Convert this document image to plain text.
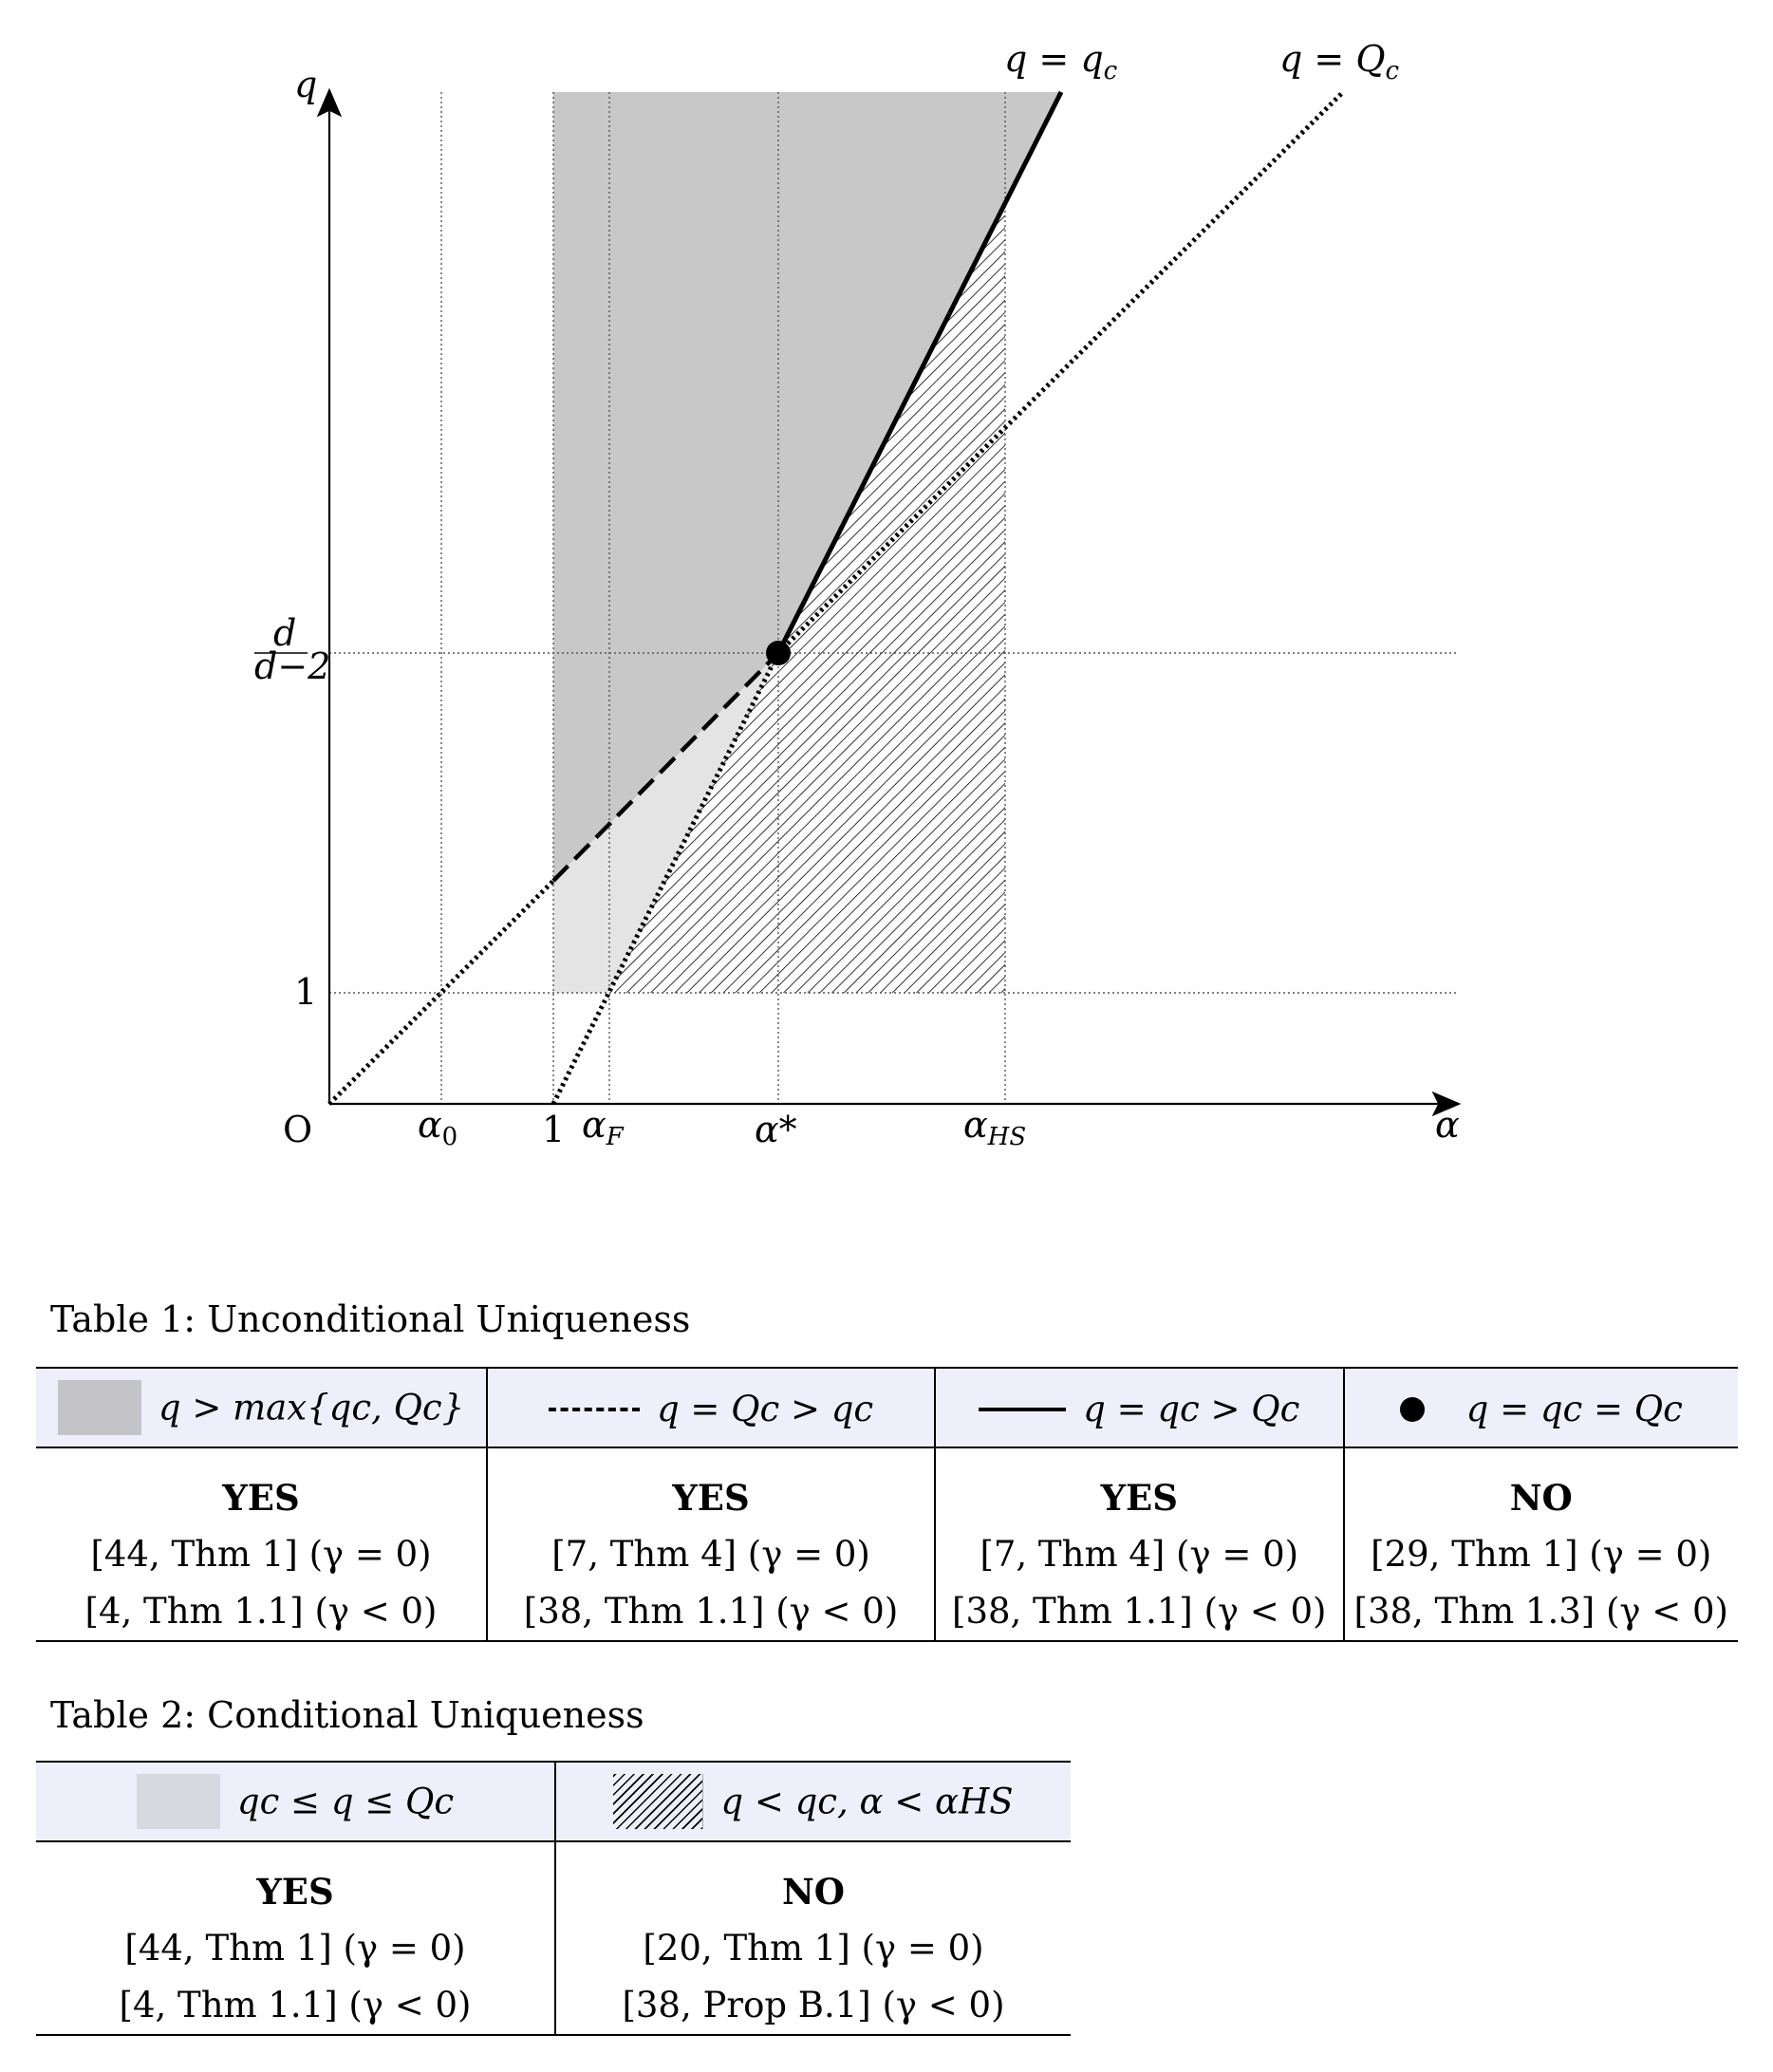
q
α
O	$\alpha_0$ 1 $\alpha_F$	α*	$\alpha_{HS}$
1
d
d−2
$q = q_c$	$q = Q_c$
Table 1: Unconditional Uniqueness
q > max{qc, Qc}	q = Qc > qc	q = qc > Qc	q = qc = Qc

YES
[44, Thm 1] (γ = 0)
[4, Thm 1.1] (γ < 0)	YES
[7, Thm 4] (γ = 0)
[38, Thm 1.1] (γ < 0)	YES
[7, Thm 4] (γ = 0)
[38, Thm 1.1] (γ < 0)	NO
[29, Thm 1] (γ = 0)
[38, Thm 1.3] (γ < 0)
Table 2: Conditional Uniqueness
qc ≤ q ≤ Qc	q < qc, α < αHS

YES
[44, Thm 1] (γ = 0)
[4, Thm 1.1] (γ < 0)	NO
[20, Thm 1] (γ = 0)
[38, Prop B.1] (γ < 0)
